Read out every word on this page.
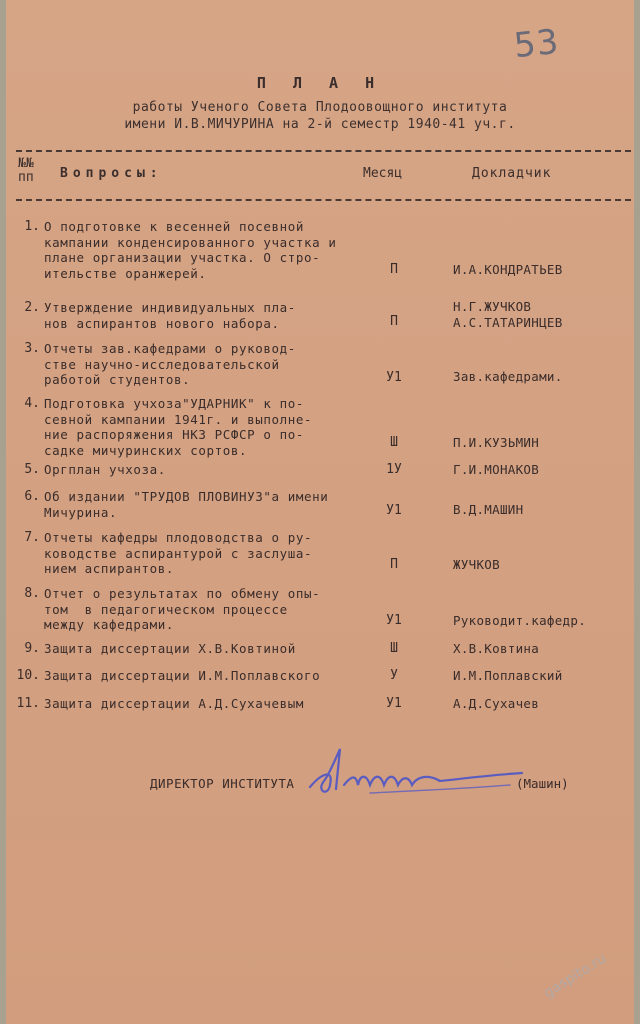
53
П Л А Н
работы Ученого Совета Плодоовощного института
имени И.В.МИЧУРИНА на 2-й семестр 1940-41 уч.г.
№№
пп Вопросы:	Месяц	Докладчик
1. О подготовке к весенней посевной
кампании конденсированного участка и
плане организации участка. О стро-
ительстве оранжерей.	П	И.А.КОНДРАТЬЕВ
2. Утверждение индивидуальных пла-
нов аспирантов нового набора.	П
Н.Г.ЖУЧКОВ
А.С.ТАТАРИНЦЕВ
3. Отчеты зав.кафедрами о руковод-
стве научно-исследовательской
работой студентов.	У1	Зав.кафедрами.
4. Подготовка учхоза"УДАРНИК" к по-
севной кампании 1941г. и выполне-
ние распоряжения НКЗ РСФСР о по-
садке мичуринских сортов.	Ш	П.И.КУЗЬМИН
5. Оргплан учхоза.	1У	Г.И.МОНАКОВ
6. Об издании "ТРУДОВ ПЛОВИНУЗ"а имени
Мичурина.	У1	В.Д.МАШИН
7. Отчеты кафедры плодоводства о ру-
ководстве аспирантурой с заслуша-
нием аспирантов.	П	ЖУЧКОВ
8. Отчет о результатах по обмену опы-
том  в педагогическом процессе
между кафедрами.	У1	Руководит.кафедр.
9. Защита диссертации Х.В.Ковтиной	Ш	Х.В.Ковтина
10. Защита диссертации И.М.Поплавского	У	И.М.Поплавский
11. Защита диссертации А.Д.Сухачевым	У1	А.Д.Сухачев
ДИРЕКТОР ИНСТИТУТА	(Машин)
gaspito.ru
